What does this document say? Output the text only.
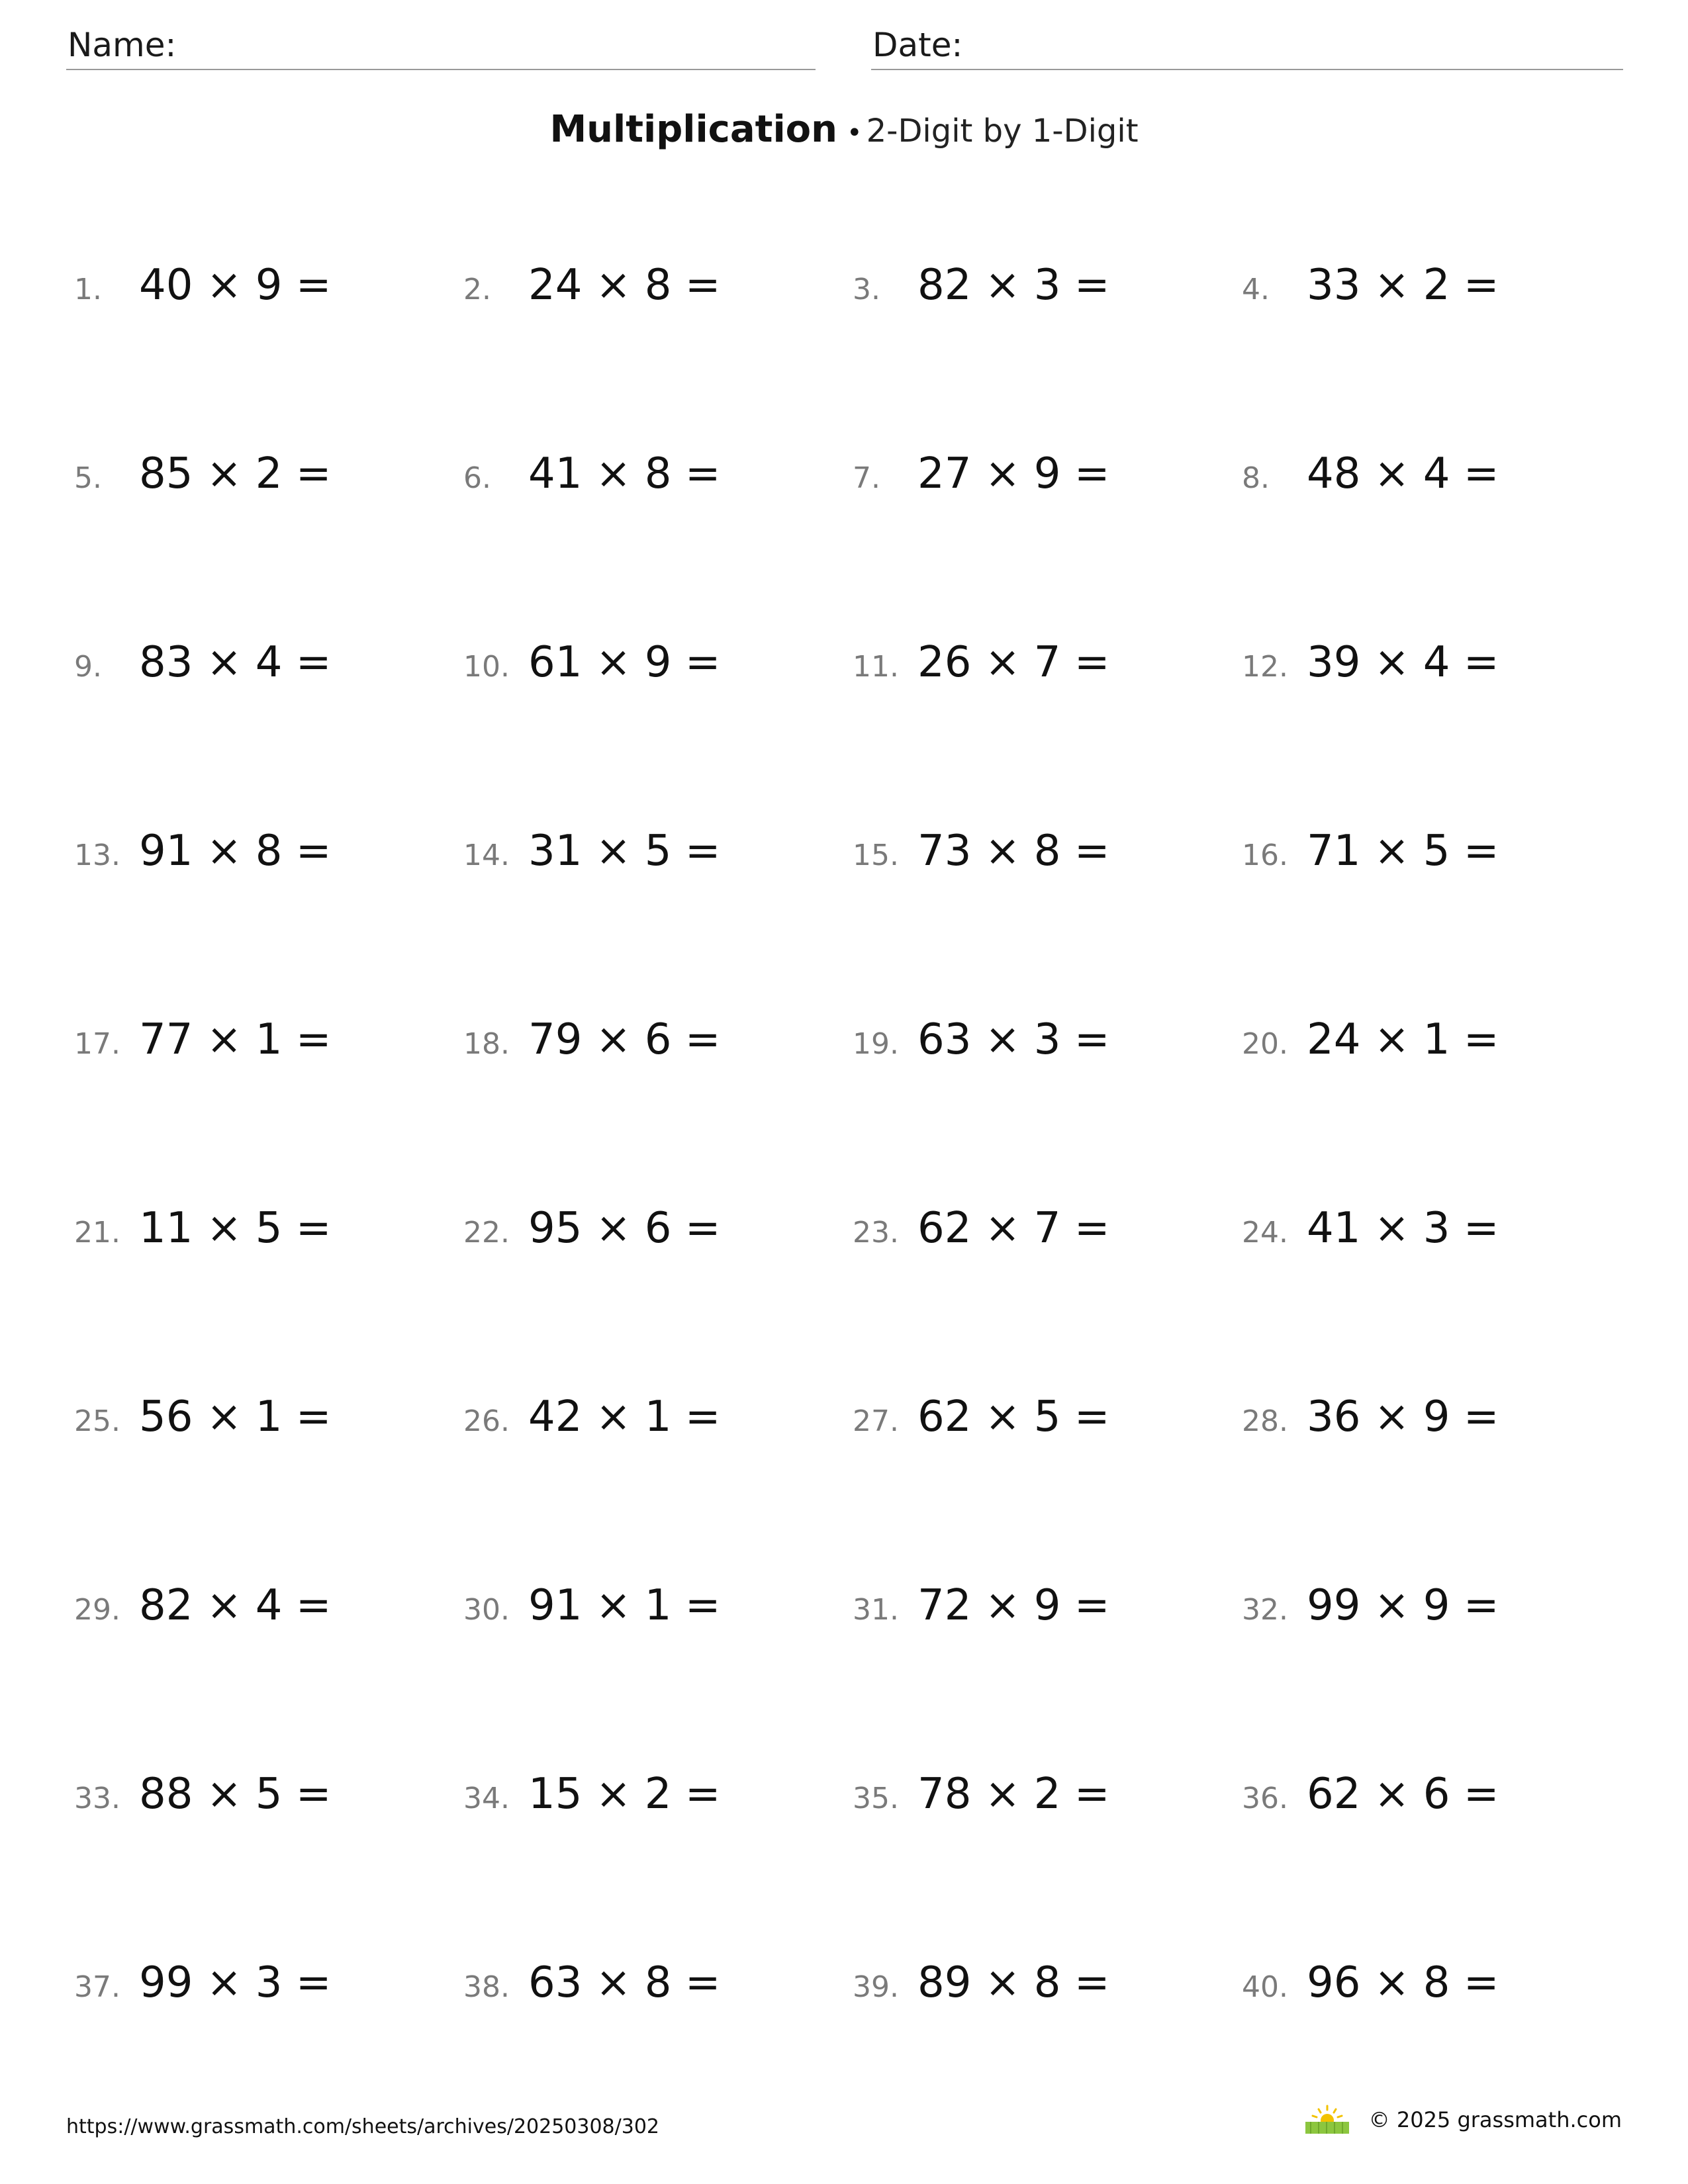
Name:	Date:
Multiplication • 2-Digit by 1-Digit
1. 40 × 9 =	2. 24 × 8 =	3. 82 × 3 =	4. 33 × 2 =
5. 85 × 2 =	6. 41 × 8 =	7. 27 × 9 =	8. 48 × 4 =
9. 83 × 4 =	10. 61 × 9 =	11. 26 × 7 =	12. 39 × 4 =
13. 91 × 8 =	14. 31 × 5 =	15. 73 × 8 =	16. 71 × 5 =
17. 77 × 1 =	18. 79 × 6 =	19. 63 × 3 =	20. 24 × 1 =
21. 11 × 5 =	22. 95 × 6 =	23. 62 × 7 =	24. 41 × 3 =
25. 56 × 1 =	26. 42 × 1 =	27. 62 × 5 =	28. 36 × 9 =
29. 82 × 4 =	30. 91 × 1 =	31. 72 × 9 =	32. 99 × 9 =
33. 88 × 5 =	34. 15 × 2 =	35. 78 × 2 =	36. 62 × 6 =
37. 99 × 3 =	38. 63 × 8 =	39. 89 × 8 =	40. 96 × 8 =
https://www.grassmath.com/sheets/archives/20250308/302	© 2025 grassmath.com
